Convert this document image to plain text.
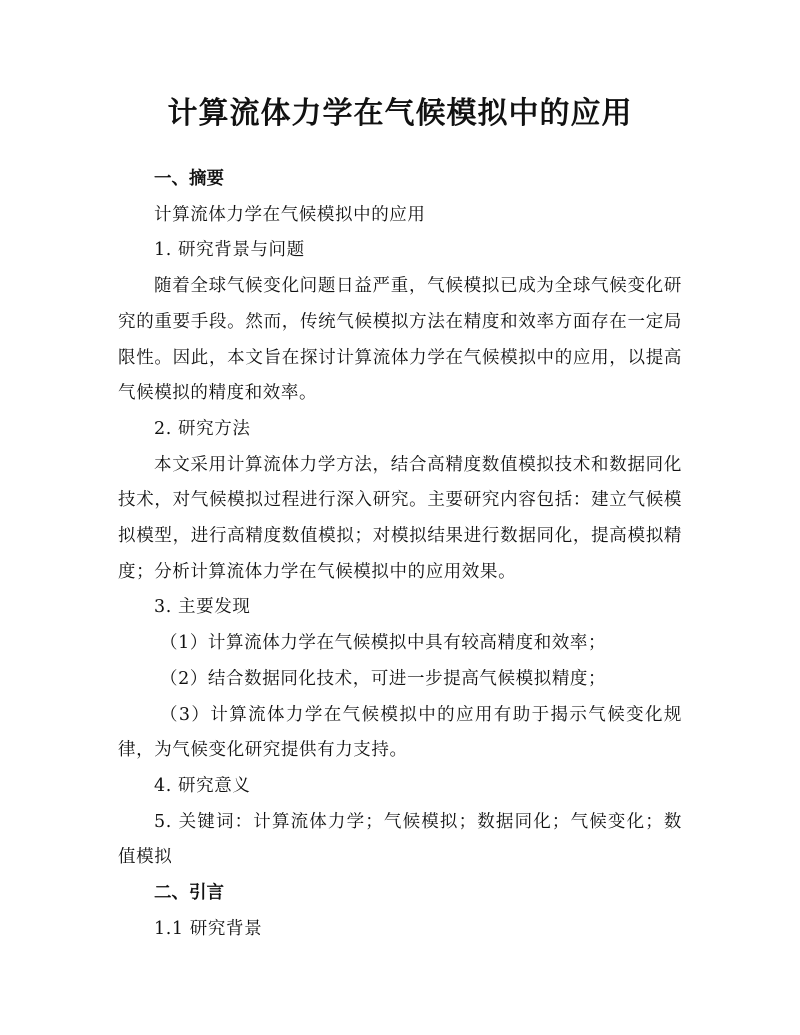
计算流体力学在气候模拟中的应用
一、摘要

计算流体力学在气候模拟中的应用

1. 研究背景与问题

随着全球气候变化问题日益严重，气候模拟已成为全球气候变化研究的重要手段。然而，传统气候模拟方法在精度和效率方面存在一定局限性。因此，本文旨在探讨计算流体力学在气候模拟中的应用，以提高气候模拟的精度和效率。

2. 研究方法

本文采用计算流体力学方法，结合高精度数值模拟技术和数据同化技术，对气候模拟过程进行深入研究。主要研究内容包括：建立气候模拟模型，进行高精度数值模拟；对模拟结果进行数据同化，提高模拟精度；分析计算流体力学在气候模拟中的应用效果。

3. 主要发现

（1）计算流体力学在气候模拟中具有较高精度和效率；

（2）结合数据同化技术，可进一步提高气候模拟精度；

（3）计算流体力学在气候模拟中的应用有助于揭示气候变化规律，为气候变化研究提供有力支持。

4. 研究意义

5. 关键词：计算流体力学；气候模拟；数据同化；气候变化；数值模拟

二、引言

1.1 研究背景
